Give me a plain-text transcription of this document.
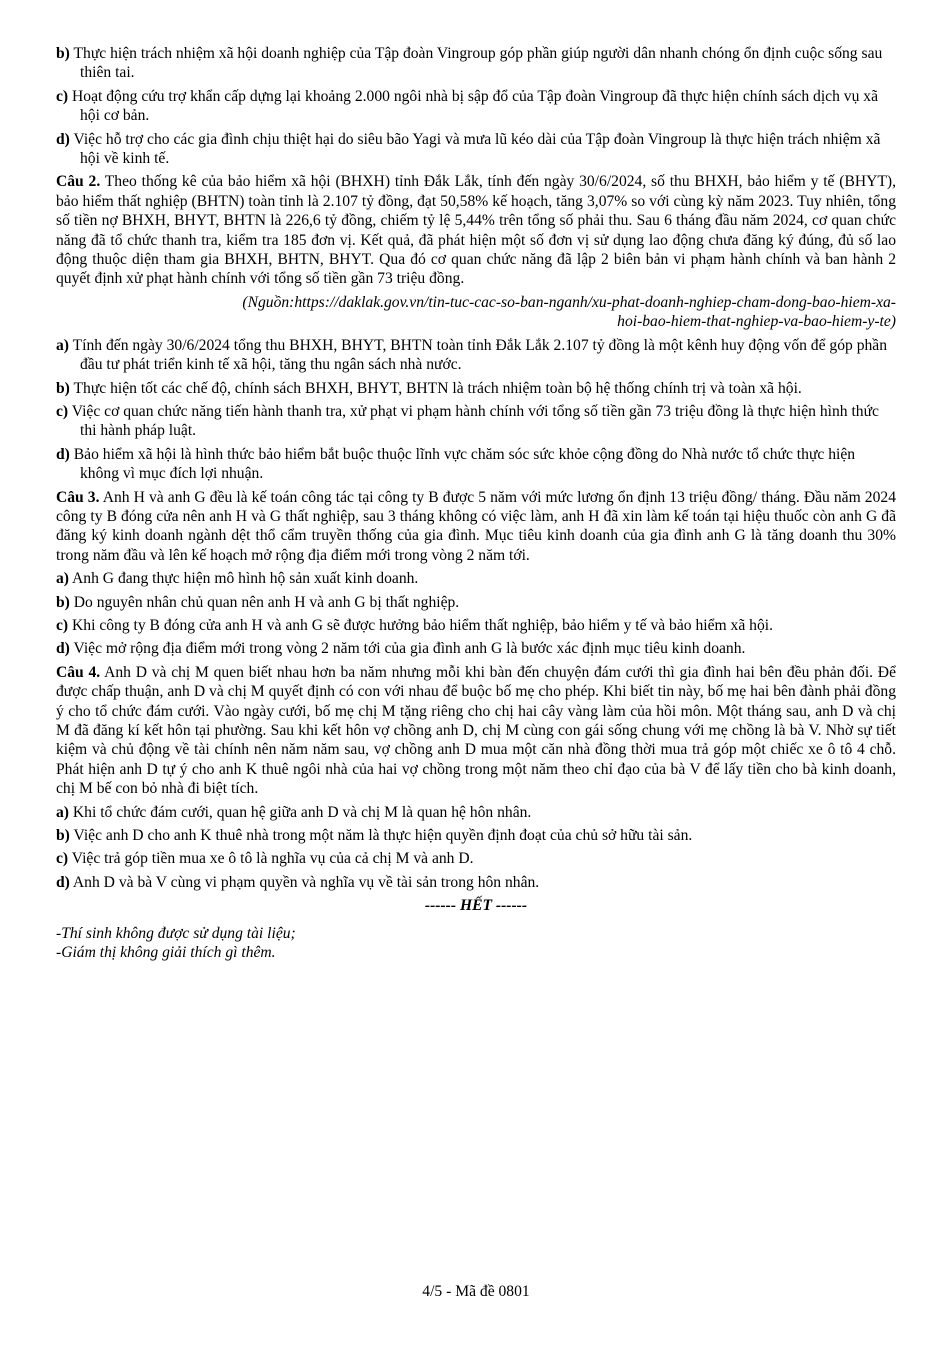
b) Thực hiện trách nhiệm xã hội doanh nghiệp của Tập đoàn Vingroup góp phần giúp người dân nhanh chóng ổn định cuộc sống sau thiên tai.

c) Hoạt động cứu trợ khẩn cấp dựng lại khoảng 2.000 ngôi nhà bị sập đổ của Tập đoàn Vingroup đã thực hiện chính sách dịch vụ xã hội cơ bản.

d) Việc hỗ trợ cho các gia đình chịu thiệt hại do siêu bão Yagi và mưa lũ kéo dài của Tập đoàn Vingroup là thực hiện trách nhiệm xã hội về kinh tế.

Câu 2. Theo thống kê của bảo hiểm xã hội (BHXH) tỉnh Đắk Lắk, tính đến ngày 30/6/2024, số thu BHXH, bảo hiểm y tế (BHYT), bảo hiểm thất nghiệp (BHTN) toàn tỉnh là 2.107 tỷ đồng, đạt 50,58% kế hoạch, tăng 3,07% so với cùng kỳ năm 2023. Tuy nhiên, tổng số tiền nợ BHXH, BHYT, BHTN là 226,6 tỷ đồng, chiếm tỷ lệ 5,44% trên tổng số phải thu. Sau 6 tháng đầu năm 2024, cơ quan chức năng đã tổ chức thanh tra, kiểm tra 185 đơn vị. Kết quả, đã phát hiện một số đơn vị sử dụng lao động chưa đăng ký đúng, đủ số lao động thuộc diện tham gia BHXH, BHTN, BHYT. Qua đó cơ quan chức năng đã lập 2 biên bản vi phạm hành chính và ban hành 2 quyết định xử phạt hành chính với tổng số tiền gần 73 triệu đồng.

(Nguồn:https://daklak.gov.vn/tin-tuc-cac-so-ban-nganh/xu-phat-doanh-nghiep-cham-dong-bao-hiem-xa-
hoi-bao-hiem-that-nghiep-va-bao-hiem-y-te)

a) Tính đến ngày 30/6/2024 tổng thu BHXH, BHYT, BHTN toàn tỉnh Đắk Lắk 2.107 tỷ đồng là một kênh huy động vốn để góp phần đầu tư phát triển kinh tế xã hội, tăng thu ngân sách nhà nước.

b) Thực hiện tốt các chế độ, chính sách BHXH, BHYT, BHTN là trách nhiệm toàn bộ hệ thống chính trị và toàn xã hội.

c) Việc cơ quan chức năng tiến hành thanh tra, xử phạt vi phạm hành chính với tổng số tiền gần 73 triệu đồng là thực hiện hình thức thi hành pháp luật.

d) Bảo hiểm xã hội là hình thức bảo hiểm bắt buộc thuộc lĩnh vực chăm sóc sức khỏe cộng đồng do Nhà nước tổ chức thực hiện không vì mục đích lợi nhuận.

Câu 3. Anh H và anh G đều là kế toán công tác tại công ty B được 5 năm với mức lương ổn định 13 triệu đồng/ tháng. Đầu năm 2024 công ty B đóng cửa nên anh H và G thất nghiệp, sau 3 tháng không có việc làm, anh H đã xin làm kế toán tại hiệu thuốc còn anh G đã đăng ký kinh doanh ngành dệt thổ cẩm truyền thống của gia đình. Mục tiêu kinh doanh của gia đình anh G là tăng doanh thu 30% trong năm đầu và lên kế hoạch mở rộng địa điểm mới trong vòng 2 năm tới.

a) Anh G đang thực hiện mô hình hộ sản xuất kinh doanh.

b) Do nguyên nhân chủ quan nên anh H và anh G bị thất nghiệp.

c) Khi công ty B đóng cửa anh H và anh G sẽ được hưởng bảo hiểm thất nghiệp, bảo hiểm y tế và bảo hiểm xã hội.

d) Việc mở rộng địa điểm mới trong vòng 2 năm tới của gia đình anh G là bước xác định mục tiêu kinh doanh.

Câu 4. Anh D và chị M quen biết nhau hơn ba năm nhưng mỗi khi bàn đến chuyện đám cưới thì gia đình hai bên đều phản đối. Để được chấp thuận, anh D và chị M quyết định có con với nhau để buộc bố mẹ cho phép. Khi biết tin này, bố mẹ hai bên đành phải đồng ý cho tổ chức đám cưới. Vào ngày cưới, bố mẹ chị M tặng riêng cho chị hai cây vàng làm của hồi môn. Một tháng sau, anh D và chị M đã đăng kí kết hôn tại phường. Sau khi kết hôn vợ chồng anh D, chị M cùng con gái sống chung với mẹ chồng là bà V. Nhờ sự tiết kiệm và chủ động về tài chính nên năm năm sau, vợ chồng anh D mua một căn nhà đồng thời mua trả góp một chiếc xe ô tô 4 chỗ. Phát hiện anh D tự ý cho anh K thuê ngôi nhà của hai vợ chồng trong một năm theo chỉ đạo của bà V để lấy tiền cho bà kinh doanh, chị M bế con bỏ nhà đi biệt tích.

a) Khi tổ chức đám cưới, quan hệ giữa anh D và chị M là quan hệ hôn nhân.

b) Việc anh D cho anh K thuê nhà trong một năm là thực hiện quyền định đoạt của chủ sở hữu tài sản.

c) Việc trả góp tiền mua xe ô tô là nghĩa vụ của cả chị M và anh D.

d) Anh D và bà V cùng vi phạm quyền và nghĩa vụ về tài sản trong hôn nhân.

------ HẾT ------

-Thí sinh không được sử dụng tài liệu;

-Giám thị không giải thích gì thêm.

4/5 - Mã đề 0801
